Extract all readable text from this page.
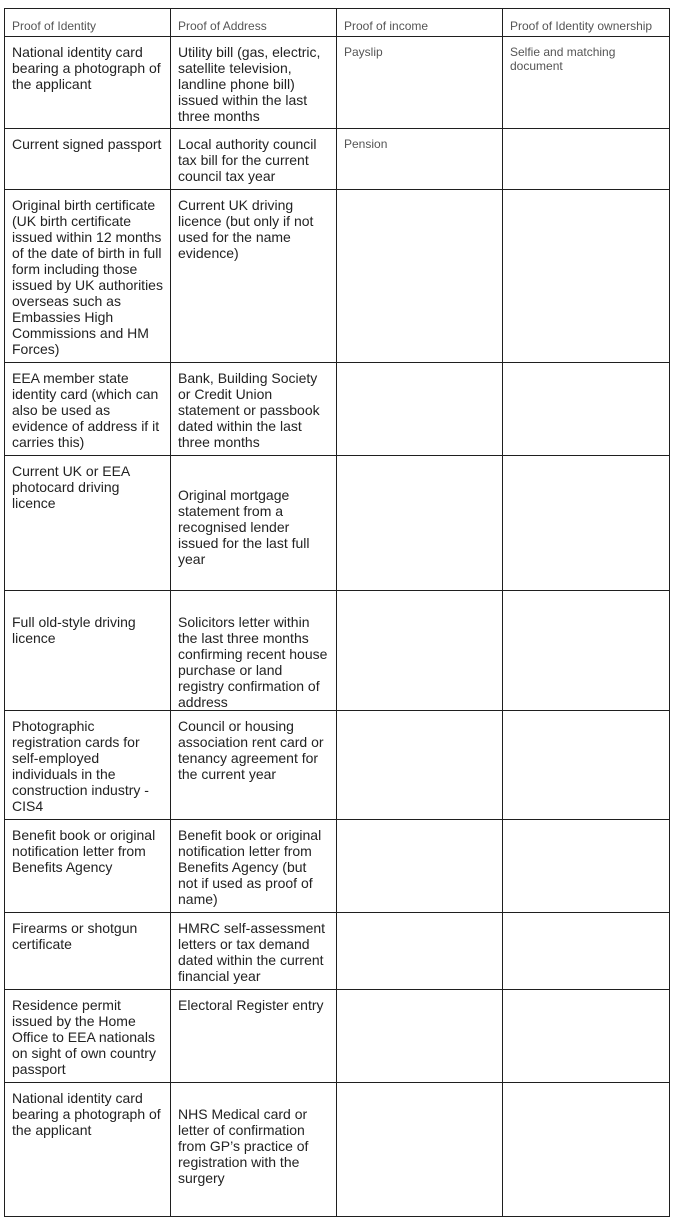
Proof of Identity	Proof of Address	Proof of income	Proof of Identity ownership
National identity card bearing a photograph of the applicant	Utility bill (gas, electric, satellite television, landline phone bill) issued within the last three months	Payslip	Selfie and matching document
Current signed passport	Local authority council tax bill for the current council tax year	Pension	
Original birth certificate (UK birth certificate issued within 12 months of the date of birth in full form including those issued by UK authorities overseas such as Embassies High Commissions and HM Forces)	Current UK driving licence (but only if not used for the name evidence)		
EEA member state identity card (which can also be used as evidence of address if it carries this)	Bank, Building Society or Credit Union statement or passbook dated within the last three months		
Current UK or EEA photocard driving licence	Original mortgage statement from a recognised lender issued for the last full year		
Full old-style driving licence	Solicitors letter within the last three months confirming recent house purchase or land registry confirmation of address		
Photographic registration cards for self-employed individuals in the construction industry - CIS4	Council or housing association rent card or tenancy agreement for the current year		
Benefit book or original notification letter from Benefits Agency	Benefit book or original notification letter from Benefits Agency (but not if used as proof of name)		
Firearms or shotgun certificate	HMRC self-assessment letters or tax demand dated within the current financial year		
Residence permit issued by the Home Office to EEA nationals on sight of own country passport	Electoral Register entry		
National identity card bearing a photograph of the applicant	NHS Medical card or letter of confirmation from GP’s practice of registration with the surgery		
